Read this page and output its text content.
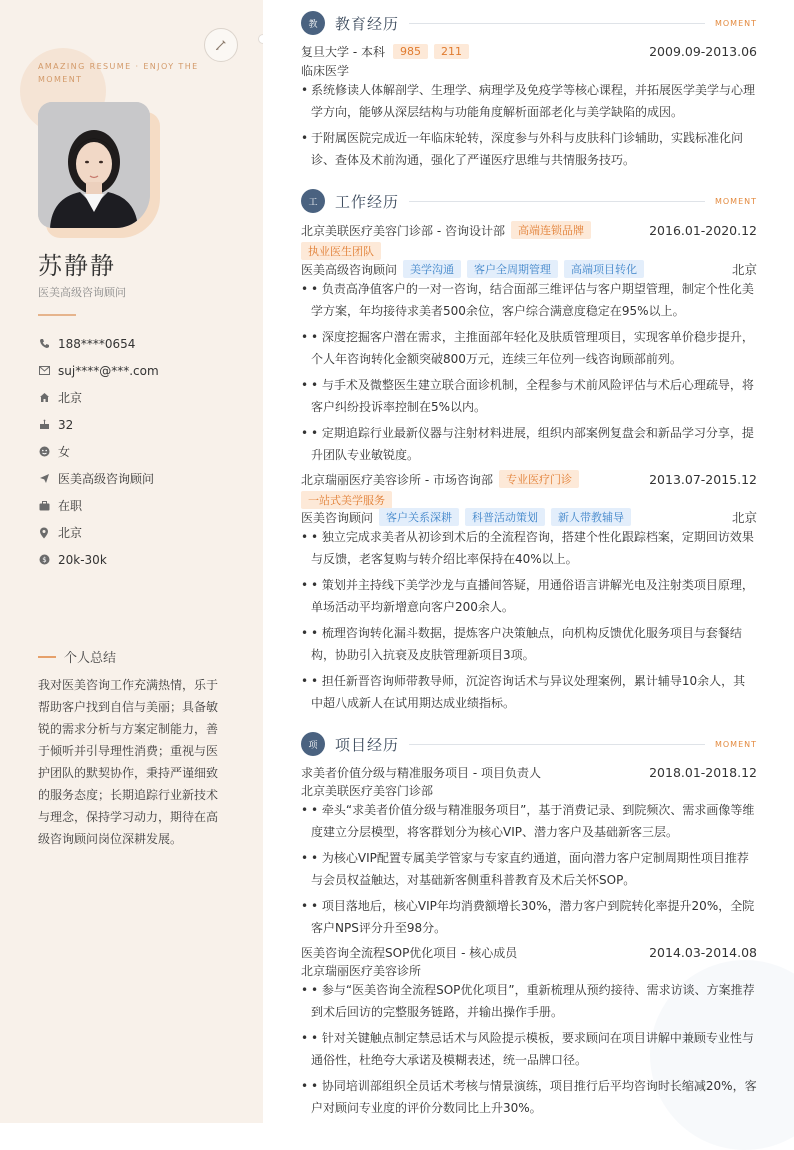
AMAZING RESUME · ENJOY THE MOMENT
苏静静
医美高级咨询顾问
188****0654
suj****@***.com
北京
32
女
医美高级咨询顾问
在职
北京
$ 20k-30k
个人总结
我对医美咨询工作充满热情，乐于帮助客户找到自信与美丽；具备敏锐的需求分析与方案定制能力，善于倾听并引导理性消费；重视与医护团队的默契协作，秉持严谨细致的服务态度；长期追踪行业新技术与理念，保持学习动力，期待在高级咨询顾问岗位深耕发展。
教	教育经历	MOMENT
复旦大学 - 本科	985	211	2009.09-2013.06
临床医学
• 系统修读人体解剖学、生理学、病理学及免疫学等核心课程，并拓展医学美学与心理学方向，能够从深层结构与功能角度解析面部老化与美学缺陷的成因。
• 于附属医院完成近一年临床轮转，深度参与外科与皮肤科门诊辅助，实践标准化问诊、查体及术前沟通，强化了严谨医疗思维与共情服务技巧。
工	工作经历	MOMENT
北京美联医疗美容门诊部 - 咨询设计部	高端连锁品牌	2016.01-2020.12
执业医生团队
医美高级咨询顾问	美学沟通	客户全周期管理	高端项目转化	北京
• • 负责高净值客户的一对一咨询，结合面部三维评估与客户期望管理，制定个性化美学方案，年均接待求美者500余位，客户综合满意度稳定在95%以上。
• • 深度挖掘客户潜在需求，主推面部年轻化及肤质管理项目，实现客单价稳步提升，个人年咨询转化金额突破800万元，连续三年位列一线咨询顾部前列。
• • 与手术及微整医生建立联合面诊机制，全程参与术前风险评估与术后心理疏导，将客户纠纷投诉率控制在5%以内。
• • 定期追踪行业最新仪器与注射材料进展，组织内部案例复盘会和新品学习分享，提升团队专业敏锐度。
北京瑞丽医疗美容诊所 - 市场咨询部	专业医疗门诊	2013.07-2015.12
一站式美学服务
医美咨询顾问	客户关系深耕	科普活动策划	新人带教辅导	北京
• • 独立完成求美者从初诊到术后的全流程咨询，搭建个性化跟踪档案，定期回访效果与反馈，老客复购与转介绍比率保持在40%以上。
• • 策划并主持线下美学沙龙与直播间答疑，用通俗语言讲解光电及注射类项目原理，单场活动平均新增意向客户200余人。
• • 梳理咨询转化漏斗数据，提炼客户决策触点，向机构反馈优化服务项目与套餐结构，协助引入抗衰及皮肤管理新项目3项。
• • 担任新晋咨询师带教导师，沉淀咨询话术与异议处理案例，累计辅导10余人，其中超八成新人在试用期达成业绩指标。
项	项目经历	MOMENT
求美者价值分级与精准服务项目 - 项目负责人	2018.01-2018.12
北京美联医疗美容门诊部
• • 牵头“求美者价值分级与精准服务项目”，基于消费记录、到院频次、需求画像等维度建立分层模型，将客群划分为核心VIP、潜力客户及基础新客三层。
• • 为核心VIP配置专属美学管家与专家直约通道，面向潜力客户定制周期性项目推荐与会员权益触达，对基础新客侧重科普教育及术后关怀SOP。
• • 项目落地后，核心VIP年均消费额增长30%，潜力客户到院转化率提升20%，全院客户NPS评分升至98分。
医美咨询全流程SOP优化项目 - 核心成员	2014.03-2014.08
北京瑞丽医疗美容诊所
• • 参与“医美咨询全流程SOP优化项目”，重新梳理从预约接待、需求访谈、方案推荐到术后回访的完整服务链路，并输出操作手册。
• • 针对关键触点制定禁忌话术与风险提示模板，要求顾问在项目讲解中兼顾专业性与通俗性，杜绝夸大承诺及模糊表述，统一品牌口径。
• • 协同培训部组织全员话术考核与情景演练，项目推行后平均咨询时长缩减20%，客户对顾问专业度的评价分数同比上升30%。
